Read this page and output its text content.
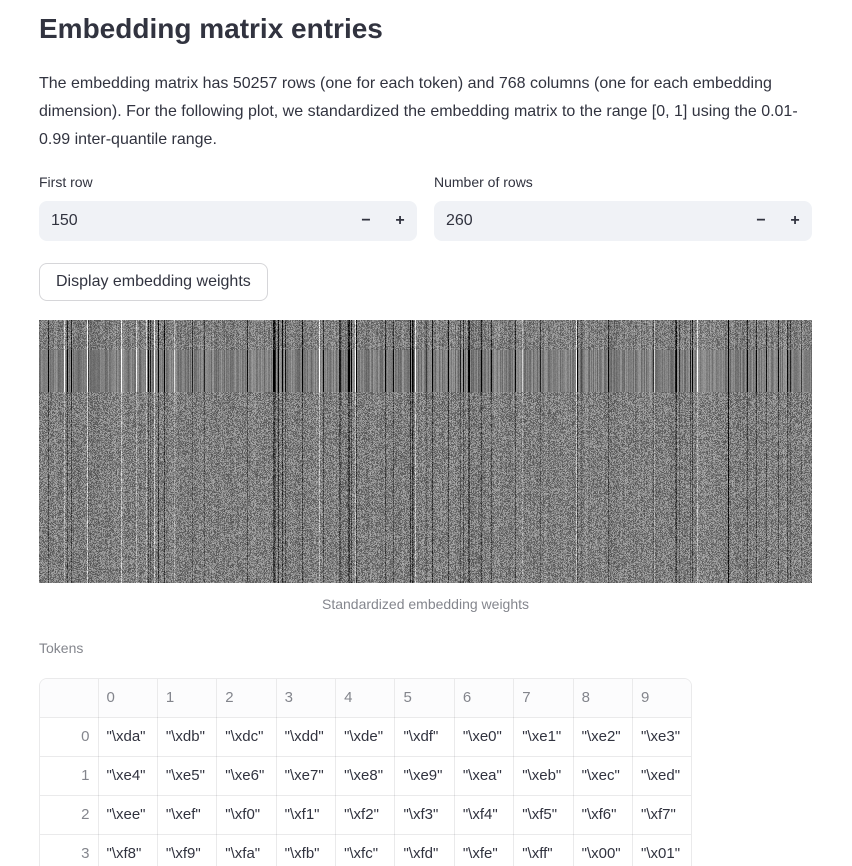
Embedding matrix entries

The embedding matrix has 50257 rows (one for each token) and 768 columns (one for each embedding dimension). For the following plot, we standardized the embedding matrix to the range [0, 1] using the 0.01-0.99 inter-quantile range.

First row
150
−	+
Number of rows
260
−	+
Display embedding weights
Standardized embedding weights
Tokens
	0	1	2	3	4	5	6	7	8	9
0	"\xda"	"\xdb"	"\xdc"	"\xdd"	"\xde"	"\xdf"	"\xe0"	"\xe1"	"\xe2"	"\xe3"
1	"\xe4"	"\xe5"	"\xe6"	"\xe7"	"\xe8"	"\xe9"	"\xea"	"\xeb"	"\xec"	"\xed"
2	"\xee"	"\xef"	"\xf0"	"\xf1"	"\xf2"	"\xf3"	"\xf4"	"\xf5"	"\xf6"	"\xf7"
3	"\xf8"	"\xf9"	"\xfa"	"\xfb"	"\xfc"	"\xfd"	"\xfe"	"\xff"	"\x00"	"\x01"
